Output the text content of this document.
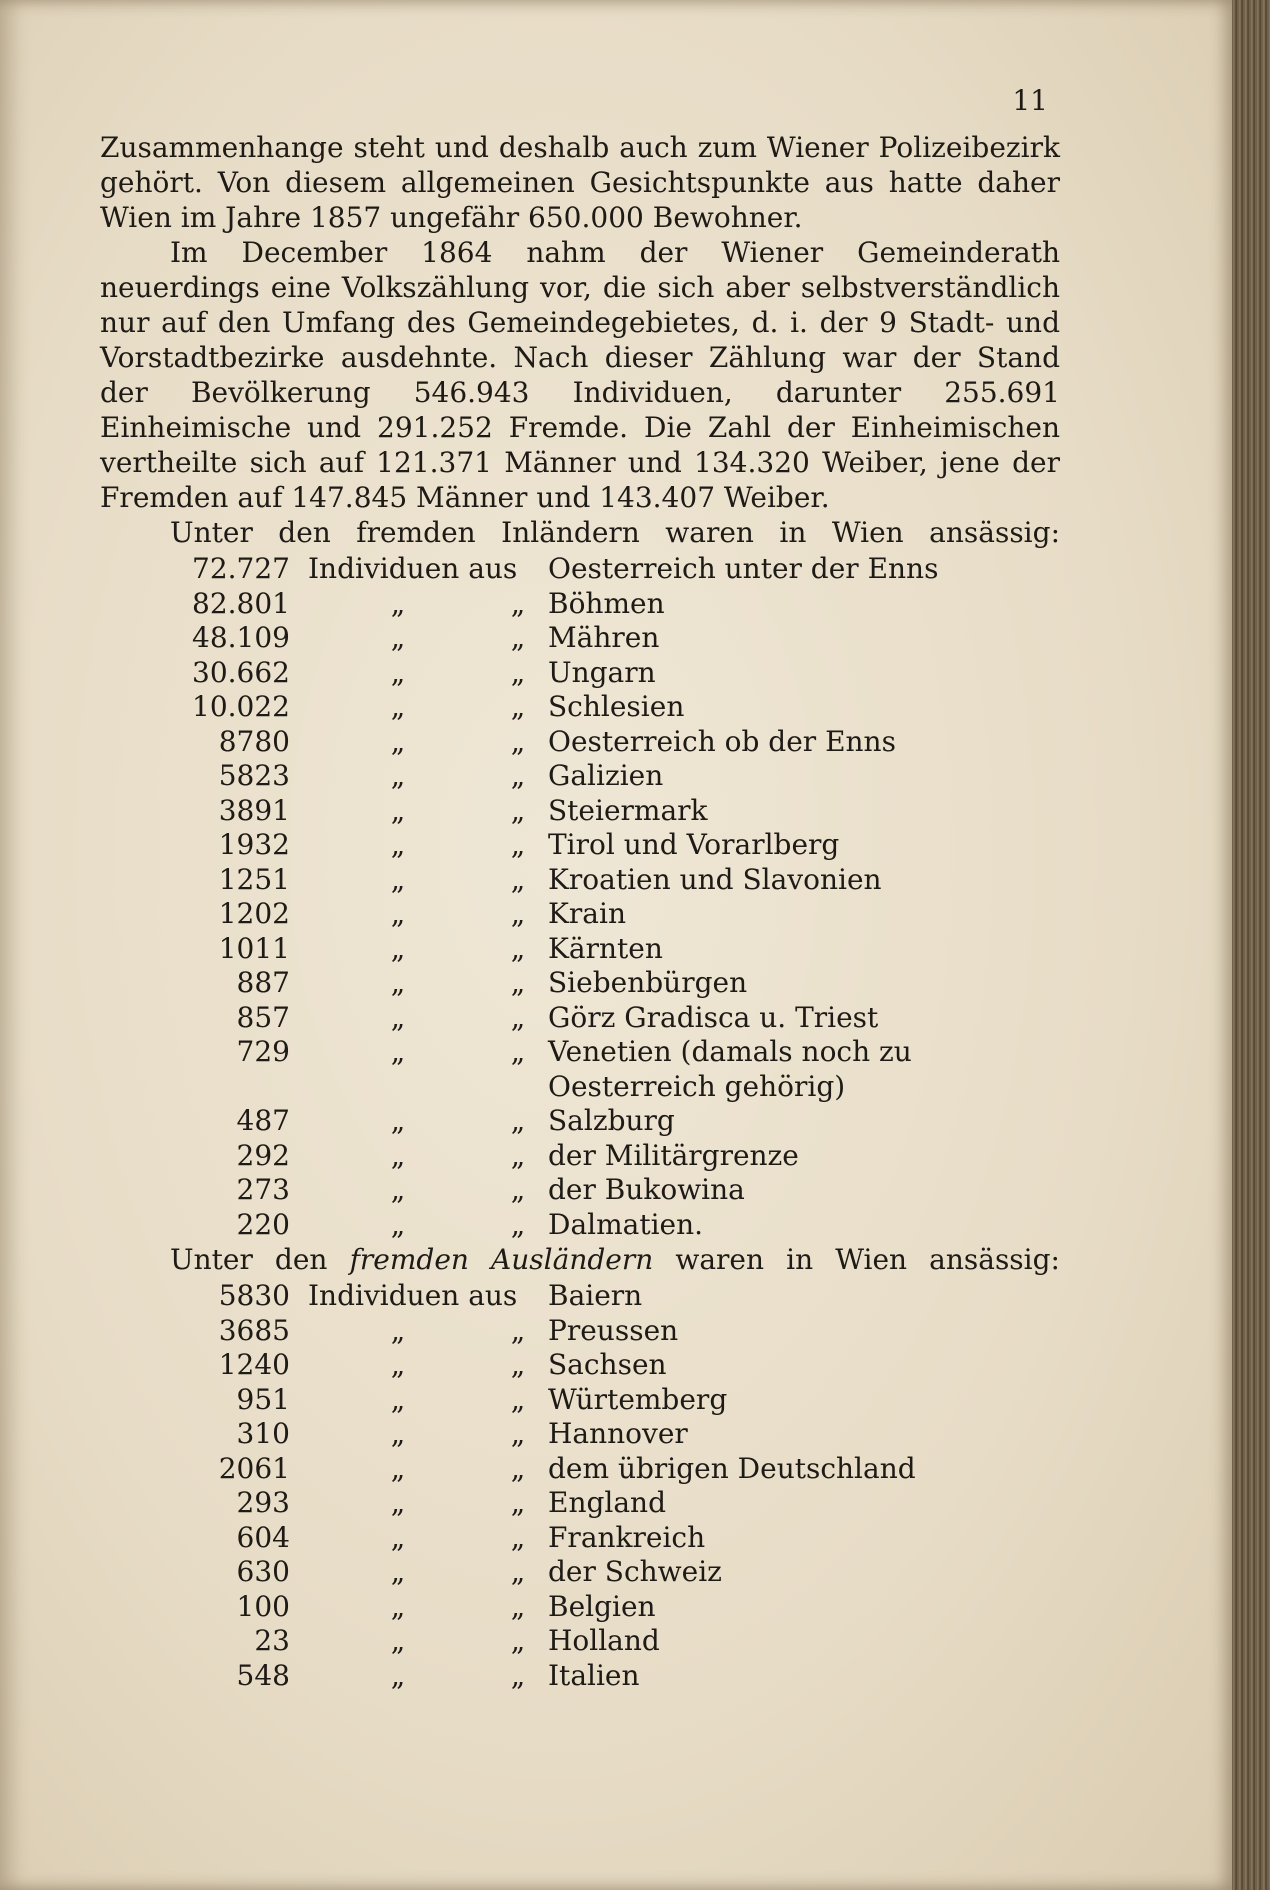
11

Zusammenhange steht und deshalb auch zum Wiener Polizeibezirk gehört. Von diesem allgemeinen Gesichtspunkte aus hatte daher Wien im Jahre 1857 ungefähr 650.000 Bewohner.

Im December 1864 nahm der Wiener Gemeinderath neuerdings eine Volkszählung vor, die sich aber selbstverständlich nur auf den Umfang des Gemeindegebietes, d. i. der 9 Stadt- und Vorstadtbezirke ausdehnte. Nach dieser Zählung war der Stand der Bevölkerung 546.943 Individuen, darunter 255.691 Einheimische und 291.252 Fremde. Die Zahl der Einheimischen vertheilte sich auf 121.371 Männer und 134.320 Weiber, jene der Fremden auf 147.845 Männer und 143.407 Weiber.

Unter den fremden Inländern waren in Wien ansässig:
72.727 Individuen aus	Oesterreich unter der Enns
82.801	„	„ Böhmen
48.109	„	„ Mähren
30.662	„	„ Ungarn
10.022	„	„ Schlesien
8780	„	„ Oesterreich ob der Enns
5823	„	„ Galizien
3891	„	„ Steiermark
1932	„	„ Tirol und Vorarlberg
1251	„	„ Kroatien und Slavonien
1202	„	„ Krain
1011	„	„ Kärnten
887	„	„ Siebenbürgen
857	„	„ Görz Gradisca u. Triest
729	„	„ Venetien (damals noch zu
Oesterreich gehörig)
487	„	„ Salzburg
292	„	„ der Militärgrenze
273	„	„ der Bukowina
220	„	„ Dalmatien.
Unter den fremden Ausländern waren in Wien ansässig:
5830 Individuen aus	Baiern
3685	„	„ Preussen
1240	„	„ Sachsen
951	„	„ Würtemberg
310	„	„ Hannover
2061	„	„ dem übrigen Deutschland
293	„	„ England
604	„	„ Frankreich
630	„	„ der Schweiz
100	„	„ Belgien
23	„	„ Holland
548	„	„ Italien
